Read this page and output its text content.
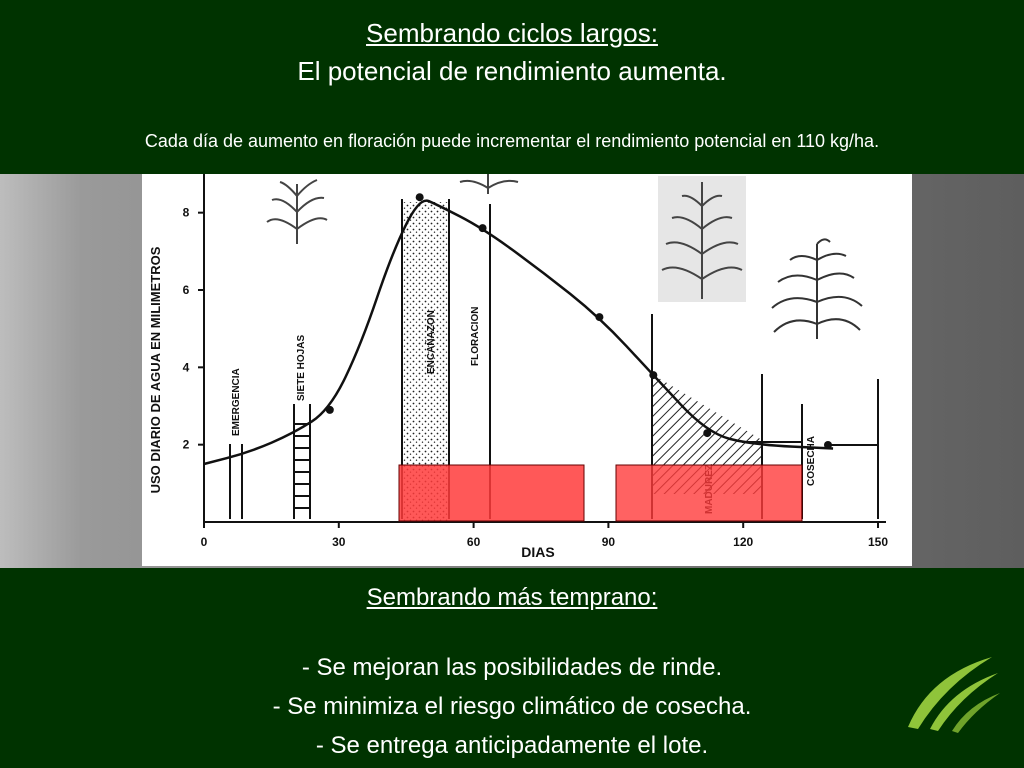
Sembrando ciclos largos:
El potencial de rendimiento aumenta.
Cada día de aumento en floración puede incrementar el rendimiento potencial en 110 kg/ha.
2
4
6
8
0	30	60	90	120	150
USO DIARIO DE AGUA EN MILIMETROS
DIAS
EMERGENCIA
SIETE HOJAS	ENCAÑAZON	FLORACION
COSECHA
Sembrando más temprano:
- Se mejoran las posibilidades de rinde.
- Se minimiza el riesgo climático de cosecha.
- Se entrega anticipadamente el lote.
